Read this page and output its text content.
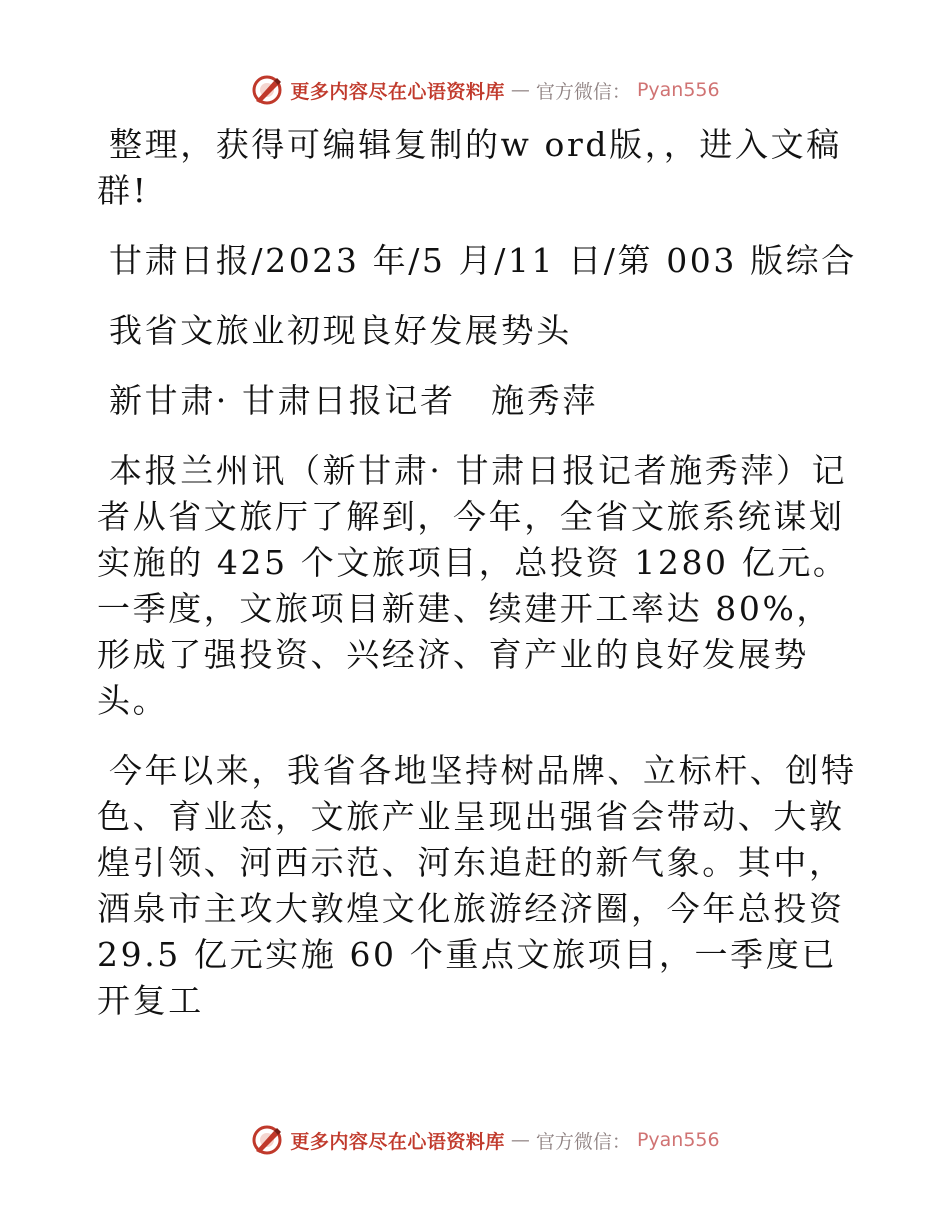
更多内容尽在心语资料库 — 官方微信： Pyan556

整理，获得可编辑复制的w ord版，，进入文稿群!

甘肃日报/2023 年/5 月/11 日/第 003 版综合

我省文旅业初现良好发展势头

新甘肃· 甘肃日报记者　施秀萍

本报兰州讯（新甘肃· 甘肃日报记者施秀萍）记者从省文旅厅了解到，今年，全省文旅系统谋划实施的 425 个文旅项目，总投资 1280 亿元。一季度，文旅项目新建、续建开工率达 80%，形成了强投资、兴经济、育产业的良好发展势头。

今年以来，我省各地坚持树品牌、立标杆、创特色、育业态，文旅产业呈现出强省会带动、大敦煌引领、河西示范、河东追赶的新气象。其中，酒泉市主攻大敦煌文化旅游经济圈，今年总投资 29.5 亿元实施 60 个重点文旅项目，一季度已开复工

更多内容尽在心语资料库 — 官方微信： Pyan556
